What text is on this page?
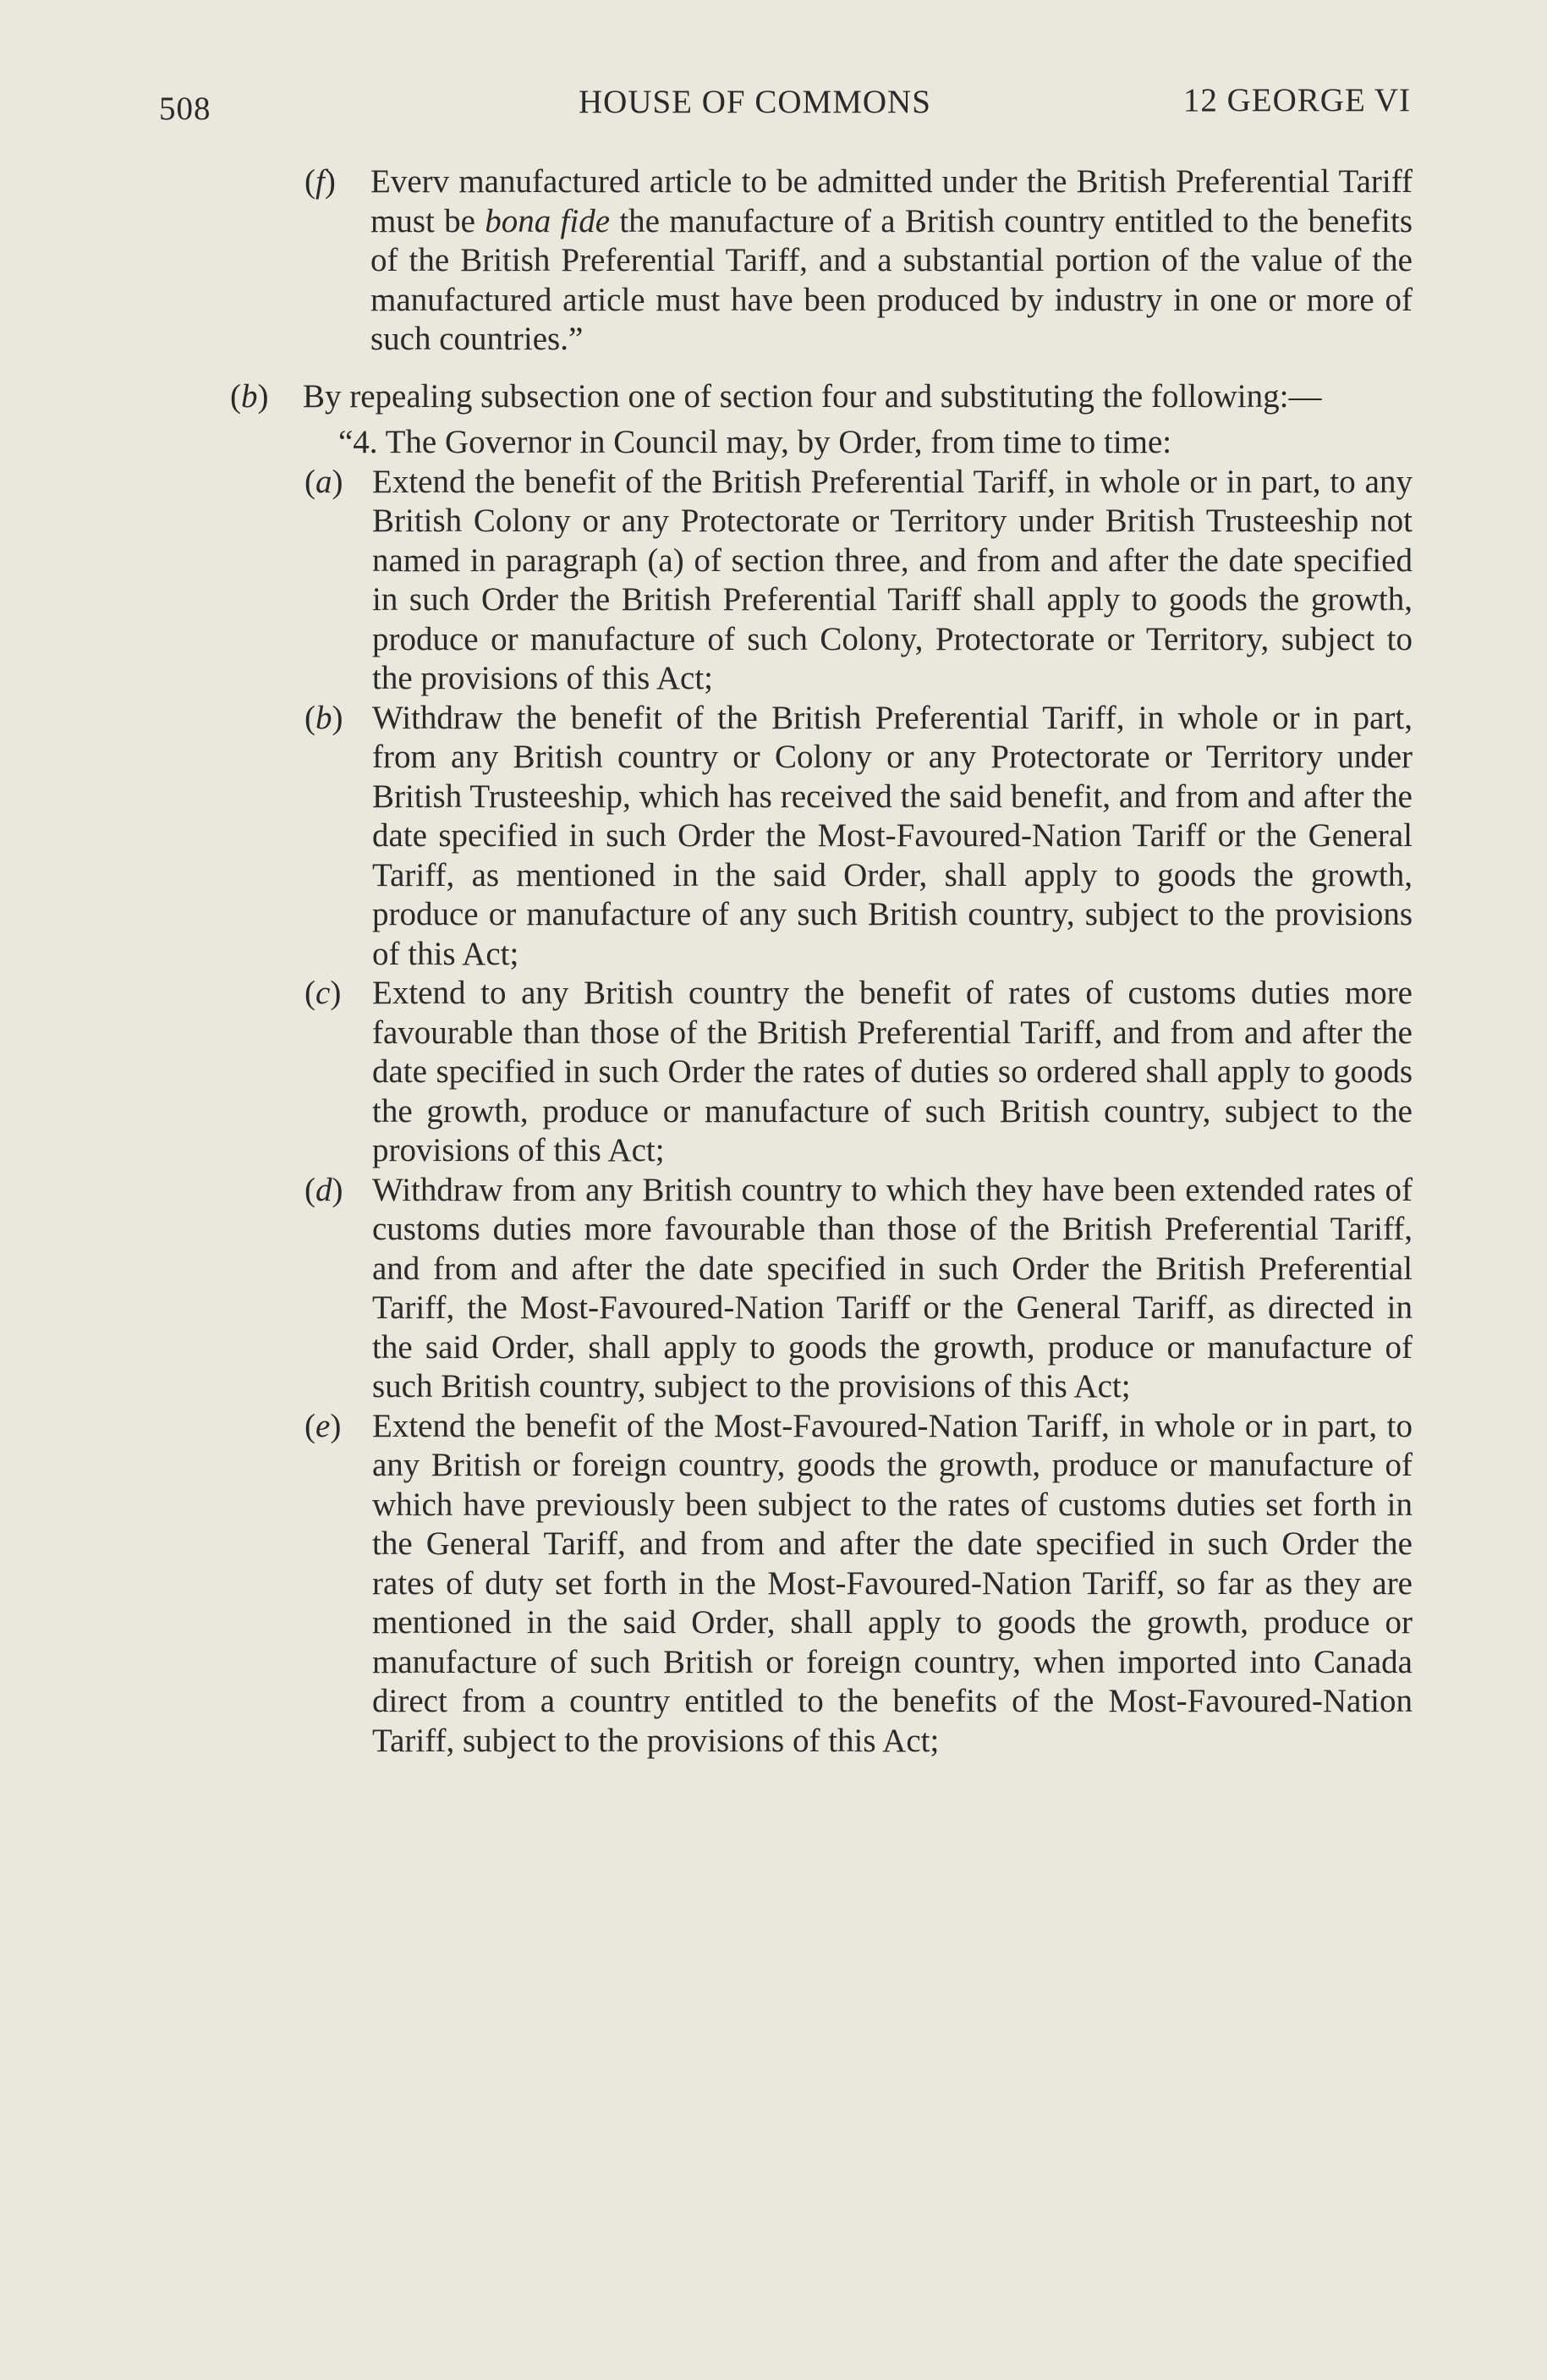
508	HOUSE OF COMMONS	12 GEORGE VI
(f) Everv manufactured article to be admitted under the British Preferential Tariff must be bona fide the manufacture of a British country entitled to the benefits of the British Preferential Tariff, and a substantial portion of the value of the manufactured article must have been produced by industry in one or more of such countries.”
(b) By repealing subsection one of section four and substituting the following:—
“4. The Governor in Council may, by Order, from time to time:
(a) Extend the benefit of the British Preferential Tariff, in whole or in part, to any British Colony or any Protectorate or Territory under British Trusteeship not named in paragraph (a) of section three, and from and after the date specified in such Order the British Preferential Tariff shall apply to goods the growth, produce or manufacture of such Colony, Protectorate or Territory, subject to the provisions of this Act;
(b) Withdraw the benefit of the British Preferential Tariff, in whole or in part, from any British country or Colony or any Protectorate or Territory under British Trusteeship, which has received the said benefit, and from and after the date specified in such Order the Most-Favoured-Nation Tariff or the General Tariff, as mentioned in the said Order, shall apply to goods the growth, produce or manufacture of any such British country, subject to the provisions of this Act;
(c) Extend to any British country the benefit of rates of customs duties more favourable than those of the British Preferential Tariff, and from and after the date specified in such Order the rates of duties so ordered shall apply to goods the growth, produce or manufacture of such British country, subject to the provisions of this Act;
(d) Withdraw from any British country to which they have been extended rates of customs duties more favourable than those of the British Preferential Tariff, and from and after the date specified in such Order the British Preferential Tariff, the Most-Favoured-Nation Tariff or the General Tariff, as directed in the said Order, shall apply to goods the growth, produce or manufacture of such British country, subject to the provisions of this Act;
(e) Extend the benefit of the Most-Favoured-Nation Tariff, in whole or in part, to any British or foreign country, goods the growth, produce or manufacture of which have previously been subject to the rates of customs duties set forth in the General Tariff, and from and after the date specified in such Order the rates of duty set forth in the Most-Favoured-Nation Tariff, so far as they are mentioned in the said Order, shall apply to goods the growth, produce or manufacture of such British or foreign country, when imported into Canada direct from a country entitled to the benefits of the Most-Favoured-Nation Tariff, subject to the provisions of this Act;
